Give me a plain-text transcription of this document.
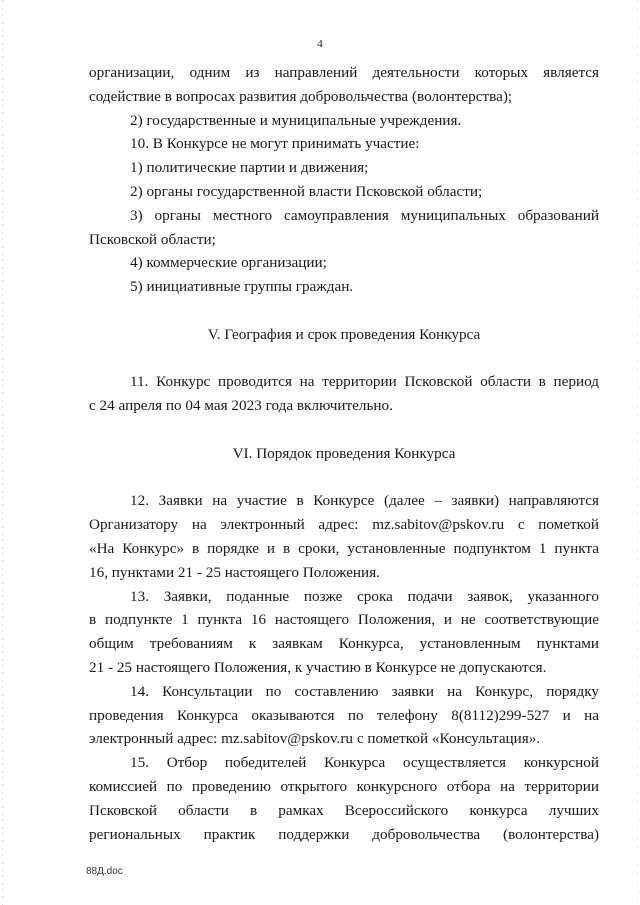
4
организации, одним из направлений деятельности которых является
содействие в вопросах развития добровольчества (волонтерства);
2) государственные и муниципальные учреждения.
10. В Конкурсе не могут принимать участие:
1) политические партии и движения;
2) органы государственной власти Псковской области;
3) органы местного самоуправления муниципальных образований
Псковской области;
4) коммерческие организации;
5) инициативные группы граждан.
V. География и срок проведения Конкурса
11. Конкурс проводится на территории Псковской области в период
с 24 апреля по 04 мая 2023 года включительно.
VI. Порядок проведения Конкурса
12. Заявки на участие в Конкурсе (далее – заявки) направляются
Организатору на электронный адрес: mz.sabitov@pskov.ru с пометкой
«На Конкурс» в порядке и в сроки, установленные подпунктом 1 пункта
16, пунктами 21 - 25 настоящего Положения.
13. Заявки, поданные позже срока подачи заявок, указанного
в подпункте 1 пункта 16 настоящего Положения, и не соответствующие
общим требованиям к заявкам Конкурса, установленным пунктами
21 - 25 настоящего Положения, к участию в Конкурсе не допускаются.
14. Консультации по составлению заявки на Конкурс, порядку
проведения Конкурса оказываются по телефону 8(8112)299-527 и на
электронный адрес: mz.sabitov@pskov.ru с пометкой «Консультация».
15. Отбор победителей Конкурса осуществляется конкурсной
комиссией по проведению открытого конкурсного отбора на территории
Псковской области в рамках Всероссийского конкурса лучших
региональных практик поддержки добровольчества (волонтерства)
88Д.doc
